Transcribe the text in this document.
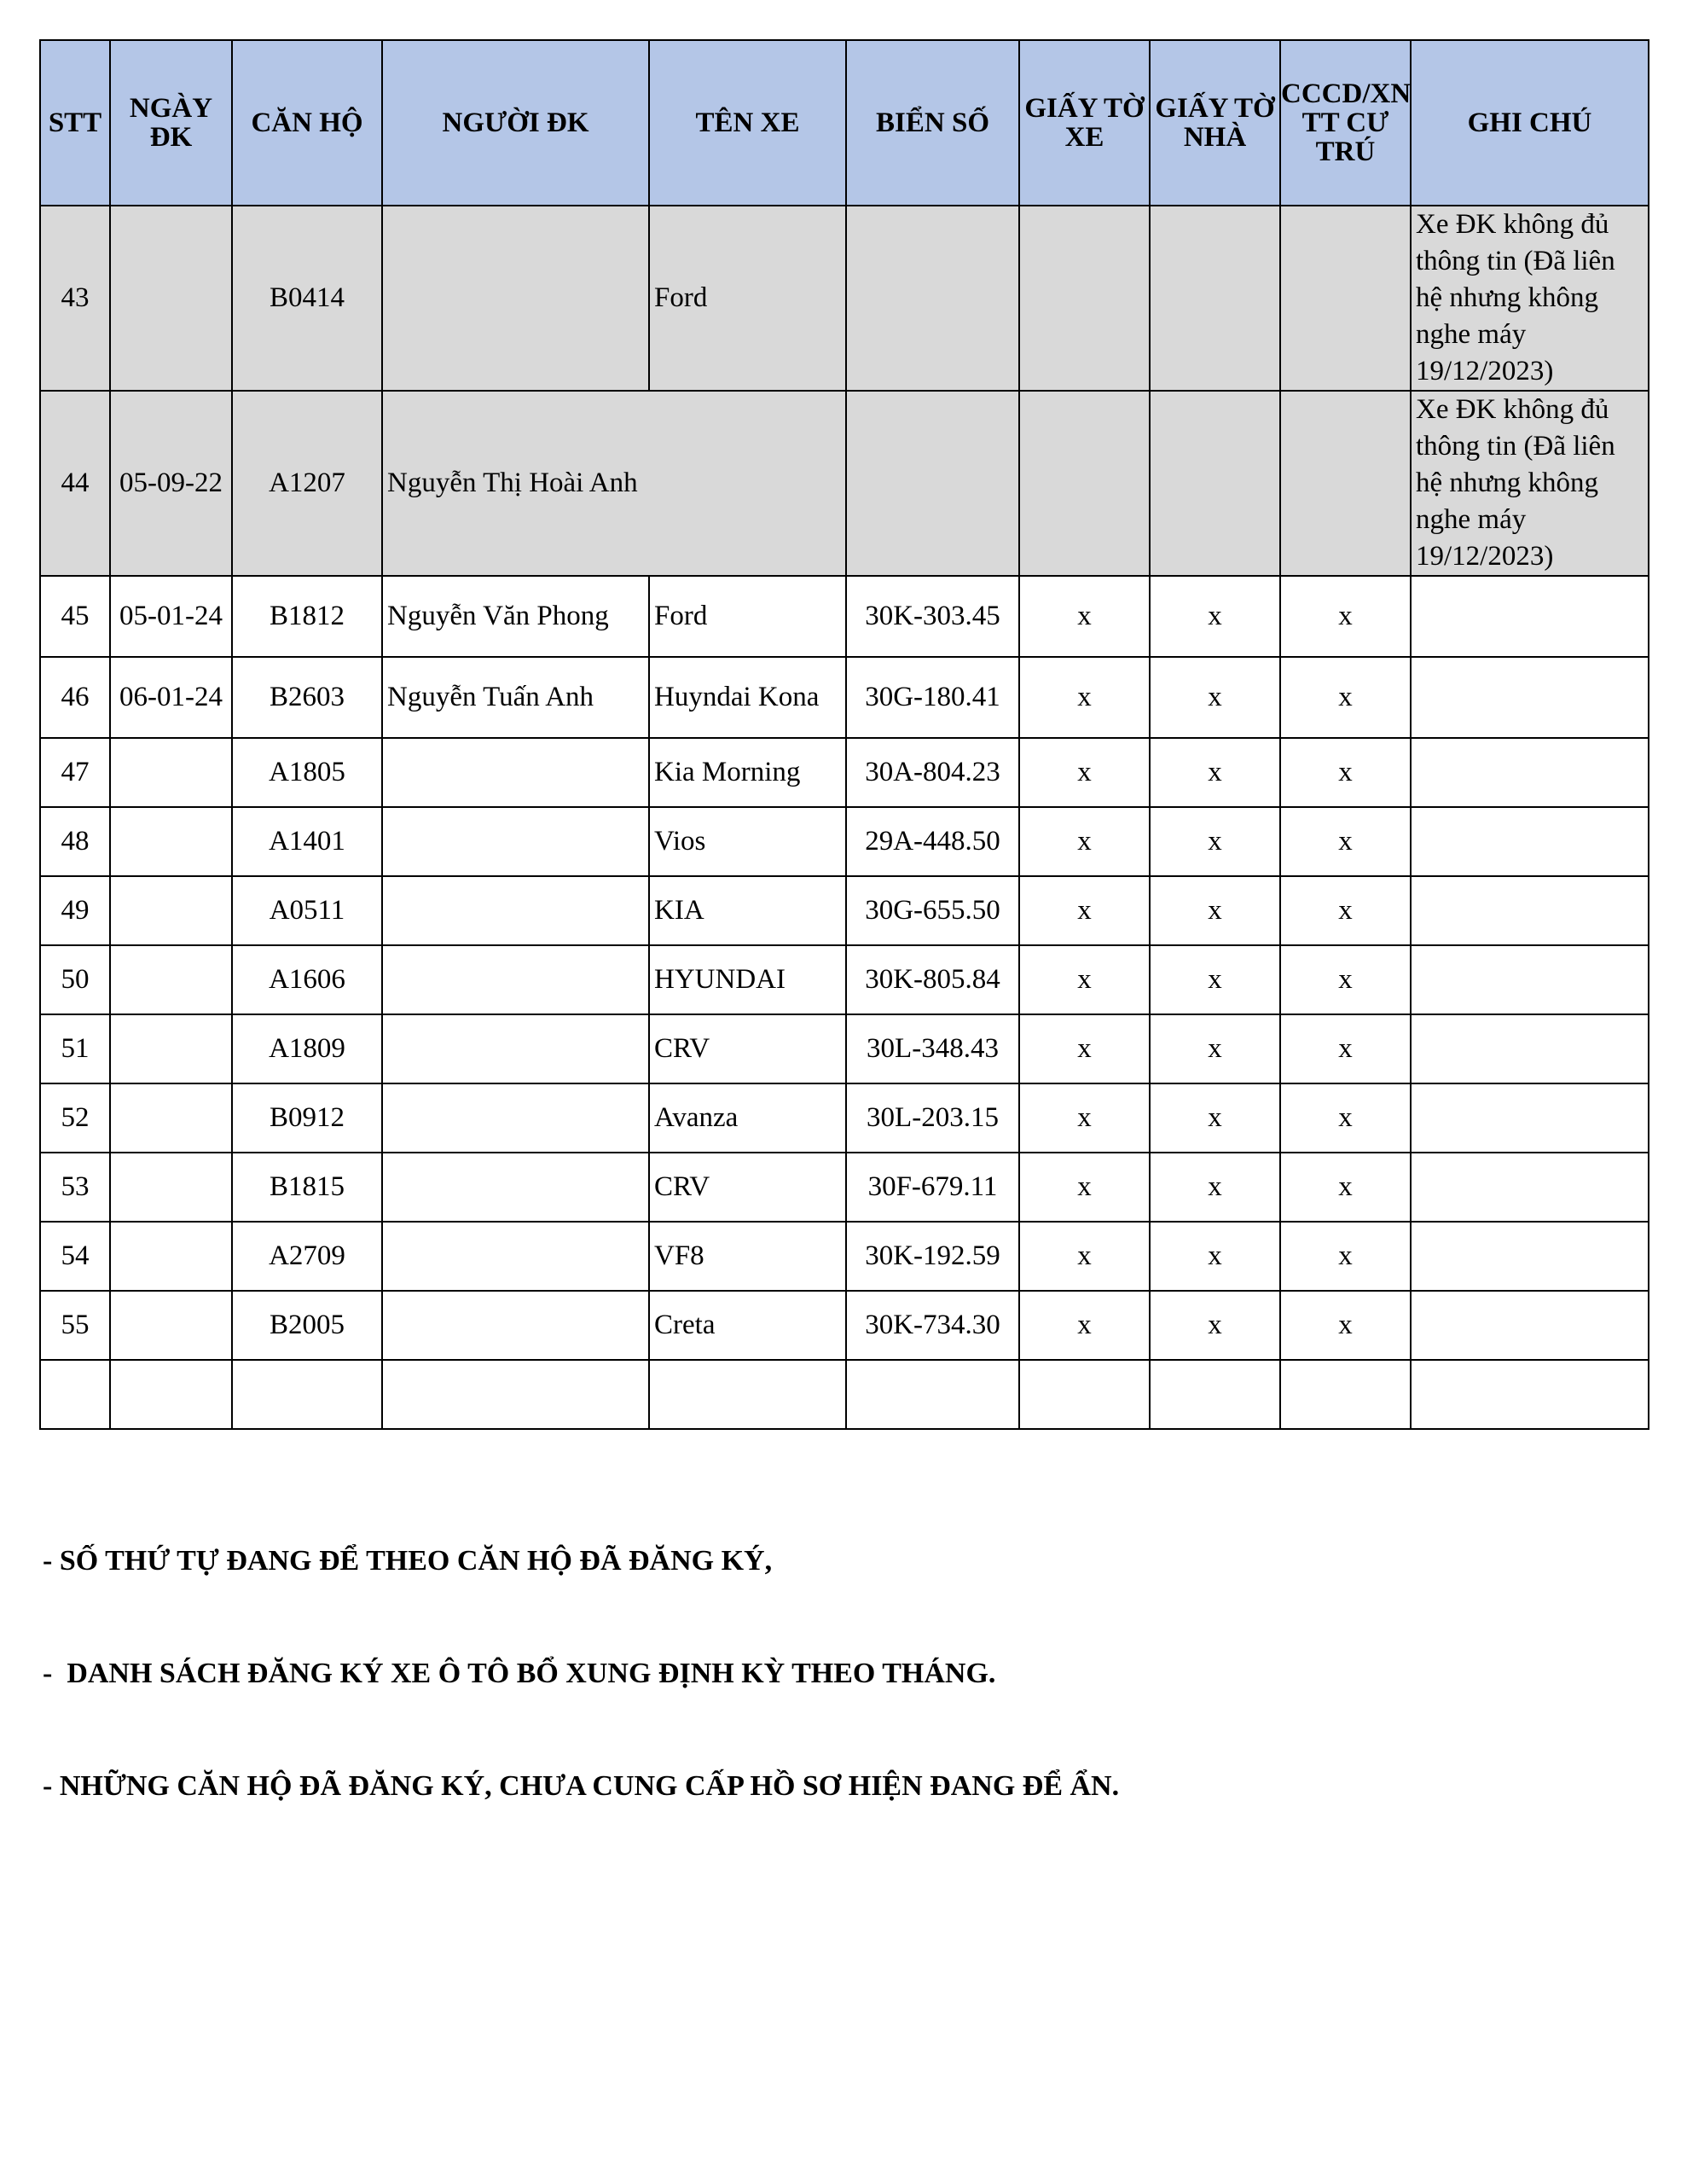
STT	NGÀY ĐK	CĂN HỘ	NGƯỜI ĐK	TÊN XE	BIỂN SỐ	GIẤY TỜ XE	GIẤY TỜ NHÀ	CCCD/XN TT CƯ TRÚ	GHI CHÚ
43		B0414		Ford					Xe ĐK không đủ thông tin (Đã liên hệ nhưng không nghe máy 19/12/2023)
44	05-09-22	A1207	Nguyễn Thị Hoài Anh						Xe ĐK không đủ thông tin (Đã liên hệ nhưng không nghe máy 19/12/2023)
45	05-01-24	B1812	Nguyễn Văn Phong	Ford	30K-303.45	x	x	x	
46	06-01-24	B2603	Nguyễn Tuấn Anh	Huyndai Kona	30G-180.41	x	x	x	
47		A1805		Kia Morning	30A-804.23	x	x	x	
48		A1401		Vios	29A-448.50	x	x	x	
49		A0511		KIA	30G-655.50	x	x	x	
50		A1606		HYUNDAI	30K-805.84	x	x	x	
51		A1809		CRV	30L-348.43	x	x	x	
52		B0912		Avanza	30L-203.15	x	x	x	
53		B1815		CRV	30F-679.11	x	x	x	
54		A2709		VF8	30K-192.59	x	x	x	
55		B2005		Creta	30K-734.30	x	x	x	

- SỐ THỨ TỰ ĐANG ĐỂ THEO CĂN HỘ ĐÃ ĐĂNG KÝ,

-  DANH SÁCH ĐĂNG KÝ XE Ô TÔ BỔ XUNG ĐỊNH KỲ THEO THÁNG.

- NHỮNG CĂN HỘ ĐÃ ĐĂNG KÝ, CHƯA CUNG CẤP HỒ SƠ HIỆN ĐANG ĐỂ ẨN.
